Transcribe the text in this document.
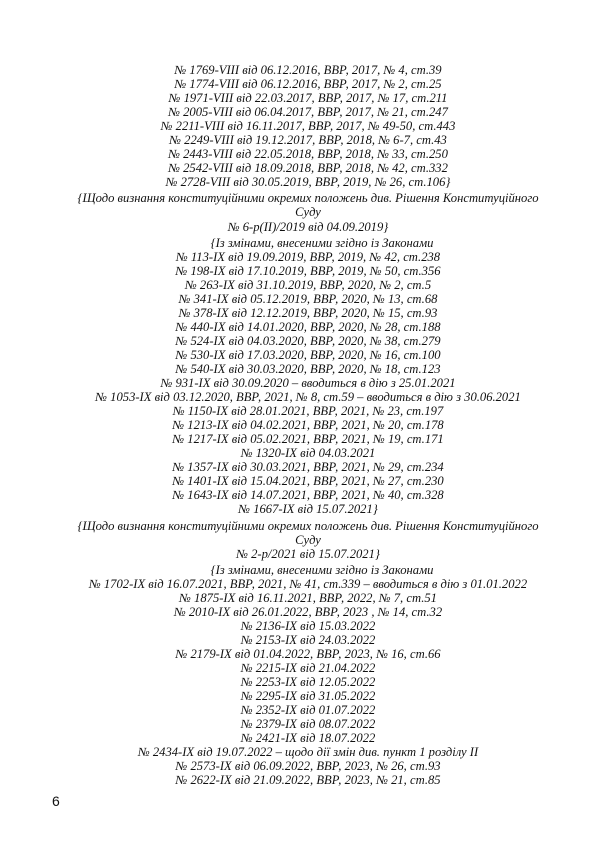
№ 1769-VIII від 06.12.2016, ВВР, 2017, № 4, ст.39
№ 1774-VIII від 06.12.2016, ВВР, 2017, № 2, ст.25
№ 1971-VIII від 22.03.2017, ВВР, 2017, № 17, ст.211
№ 2005-VIII від 06.04.2017, ВВР, 2017, № 21, ст.247
№ 2211-VIII від 16.11.2017, ВВР, 2017, № 49-50, ст.443
№ 2249-VIII від 19.12.2017, ВВР, 2018, № 6-7, ст.43
№ 2443-VIII від 22.05.2018, ВВР, 2018, № 33, ст.250
№ 2542-VIII від 18.09.2018, ВВР, 2018, № 42, ст.332
№ 2728-VIII від 30.05.2019, ВВР, 2019, № 26, ст.106}
{Щодо визнання конституційними окремих положень див. Рішення Конституційного
Суду
№ 6-р(II)/2019 від 04.09.2019}
{Із змінами, внесеними згідно із Законами
№ 113-IX від 19.09.2019, ВВР, 2019, № 42, ст.238
№ 198-IX від 17.10.2019, ВВР, 2019, № 50, ст.356
№ 263-IX від 31.10.2019, ВВР, 2020, № 2, ст.5
№ 341-IX від 05.12.2019, ВВР, 2020, № 13, ст.68
№ 378-IX від 12.12.2019, ВВР, 2020, № 15, ст.93
№ 440-IX від 14.01.2020, ВВР, 2020, № 28, ст.188
№ 524-IX від 04.03.2020, ВВР, 2020, № 38, ст.279
№ 530-IX від 17.03.2020, ВВР, 2020, № 16, ст.100
№ 540-IX від 30.03.2020, ВВР, 2020, № 18, ст.123
№ 931-IX від 30.09.2020 – вводиться в дію з 25.01.2021
№ 1053-IX від 03.12.2020, ВВР, 2021, № 8, ст.59 – вводиться в дію з 30.06.2021
№ 1150-IX від 28.01.2021, ВВР, 2021, № 23, ст.197
№ 1213-IX від 04.02.2021, ВВР, 2021, № 20, ст.178
№ 1217-IX від 05.02.2021, ВВР, 2021, № 19, ст.171
№ 1320-IX від 04.03.2021
№ 1357-IX від 30.03.2021, ВВР, 2021, № 29, ст.234
№ 1401-IX від 15.04.2021, ВВР, 2021, № 27, ст.230
№ 1643-IX від 14.07.2021, ВВР, 2021, № 40, ст.328
№ 1667-IX від 15.07.2021}
{Щодо визнання конституційними окремих положень див. Рішення Конституційного
Суду
№ 2-р/2021 від 15.07.2021}
{Із змінами, внесеними згідно із Законами
№ 1702-IX від 16.07.2021, ВВР, 2021, № 41, ст.339 – вводиться в дію з 01.01.2022
№ 1875-IX від 16.11.2021, ВВР, 2022, № 7, ст.51
№ 2010-IX від 26.01.2022, ВВР, 2023 , № 14, ст.32
№ 2136-IX від 15.03.2022
№ 2153-IX від 24.03.2022
№ 2179-IX від 01.04.2022, ВВР, 2023, № 16, ст.66
№ 2215-IX від 21.04.2022
№ 2253-IX від 12.05.2022
№ 2295-IX від 31.05.2022
№ 2352-IX від 01.07.2022
№ 2379-IX від 08.07.2022
№ 2421-IX від 18.07.2022
№ 2434-IX від 19.07.2022 – щодо дії змін див. пункт 1 розділу II
№ 2573-IX від 06.09.2022, ВВР, 2023, № 26, ст.93
№ 2622-IX від 21.09.2022, ВВР, 2023, № 21, ст.85
6
